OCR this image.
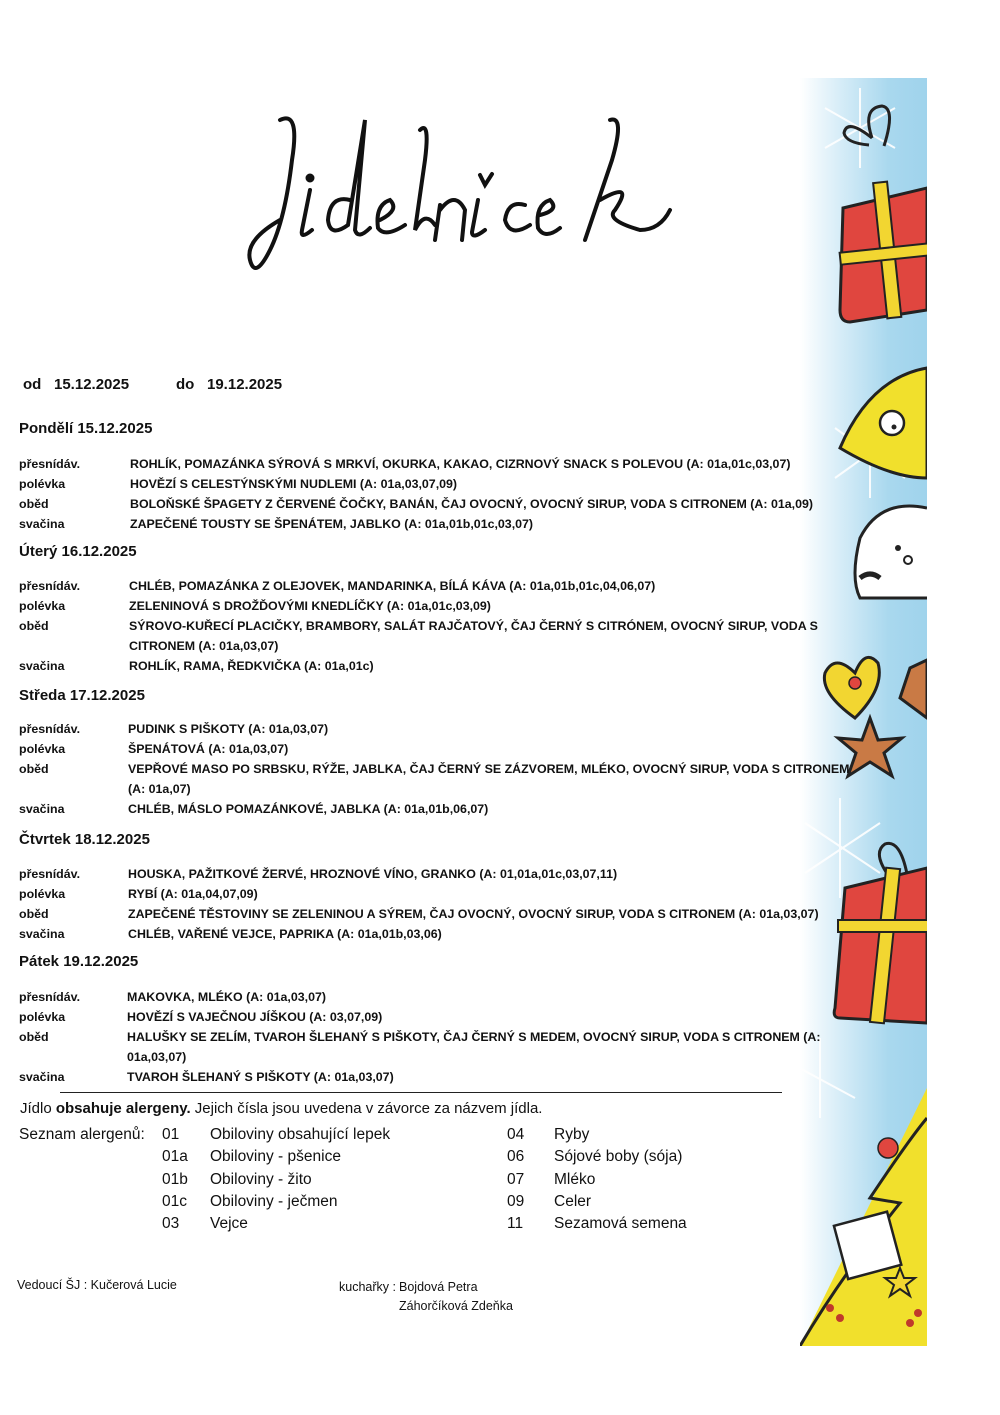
Jídelníček
od 15.12.2025	do 19.12.2025
Pondělí 15.12.2025
přesnídáv.	ROHLÍK, POMAZÁNKA SÝROVÁ S MRKVÍ, OKURKA, KAKAO, CIZRNOVÝ SNACK S POLEVOU (A: 01a,01c,03,07)
polévka	HOVĚZÍ S CELESTÝNSKÝMI NUDLEMI (A: 01a,03,07,09)
oběd	BOLOŇSKÉ ŠPAGETY Z ČERVENÉ ČOČKY, BANÁN, ČAJ OVOCNÝ, OVOCNÝ SIRUP, VODA S CITRONEM (A: 01a,09)
svačina	ZAPEČENÉ TOUSTY SE ŠPENÁTEM, JABLKO (A: 01a,01b,01c,03,07)
Úterý 16.12.2025
přesnídáv.	CHLÉB, POMAZÁNKA Z OLEJOVEK, MANDARINKA, BÍLÁ KÁVA (A: 01a,01b,01c,04,06,07)
polévka	ZELENINOVÁ S DROŽĎOVÝMI KNEDLÍČKY (A: 01a,01c,03,09)
oběd	SÝROVO-KUŘECÍ PLACIČKY, BRAMBORY, SALÁT RAJČATOVÝ, ČAJ ČERNÝ S CITRÓNEM, OVOCNÝ SIRUP, VODA S
CITRONEM (A: 01a,03,07)
svačina	ROHLÍK, RAMA, ŘEDKVIČKA (A: 01a,01c)
Středa 17.12.2025
přesnídáv.	PUDINK S PIŠKOTY (A: 01a,03,07)
polévka	ŠPENÁTOVÁ (A: 01a,03,07)
oběd	VEPŘOVÉ MASO PO SRBSKU, RÝŽE, JABLKA, ČAJ ČERNÝ SE ZÁZVOREM, MLÉKO, OVOCNÝ SIRUP, VODA S CITRONEM
(A: 01a,07)
svačina	CHLÉB, MÁSLO POMAZÁNKOVÉ, JABLKA (A: 01a,01b,06,07)
Čtvrtek 18.12.2025
přesnídáv.	HOUSKA, PAŽITKOVÉ ŽERVÉ, HROZNOVÉ VÍNO, GRANKO (A: 01,01a,01c,03,07,11)
polévka	RYBÍ (A: 01a,04,07,09)
oběd	ZAPEČENÉ TĚSTOVINY SE ZELENINOU A SÝREM, ČAJ OVOCNÝ, OVOCNÝ SIRUP, VODA S CITRONEM (A: 01a,03,07)
svačina	CHLÉB, VAŘENÉ VEJCE, PAPRIKA (A: 01a,01b,03,06)
Pátek 19.12.2025
přesnídáv.	MAKOVKA, MLÉKO (A: 01a,03,07)
polévka	HOVĚZÍ S VAJEČNOU JÍŠKOU (A: 03,07,09)
oběd	HALUŠKY SE ZELÍM, TVAROH ŠLEHANÝ S PIŠKOTY, ČAJ ČERNÝ S MEDEM, OVOCNÝ SIRUP, VODA S CITRONEM (A:
01a,03,07)
svačina	TVAROH ŠLEHANÝ S PIŠKOTY (A: 01a,03,07)
Jídlo obsahuje alergeny. Jejich čísla jsou uvedena v závorce za názvem jídla.
Seznam alergenů: 01 Obiloviny obsahující lepek
01a Obiloviny - pšenice
01b Obiloviny - žito
01c Obiloviny - ječmen
03 Vejce
04 Ryby
06 Sójové boby (sója)
07 Mléko
09 Celer
11 Sezamová semena
Vedoucí ŠJ : Kučerová Lucie	kuchařky : Bojdová Petra
Záhorčíková Zdeňka
